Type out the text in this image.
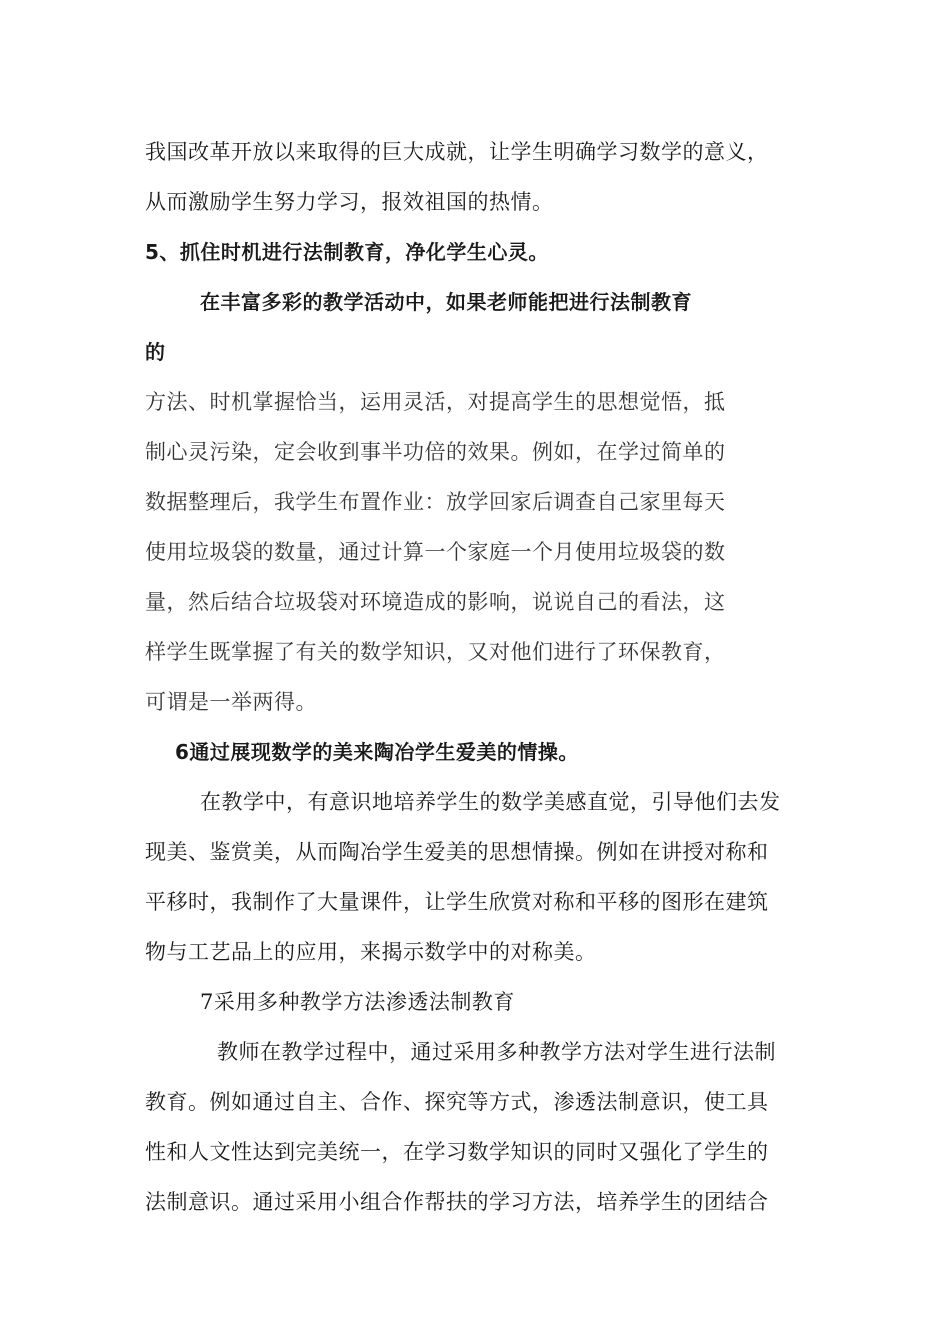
我国改革开放以来取得的巨大成就，让学生明确学习数学的意义，
从而激励学生努力学习，报效祖国的热情。
5、抓住时机进行法制教育，净化学生心灵。
在丰富多彩的教学活动中，如果老师能把进行法制教育
的
方法、时机掌握恰当，运用灵活，对提高学生的思想觉悟，抵
制心灵污染，定会收到事半功倍的效果。例如，在学过简单的
数据整理后，我学生布置作业：放学回家后调查自己家里每天
使用垃圾袋的数量，通过计算一个家庭一个月使用垃圾袋的数
量，然后结合垃圾袋对环境造成的影响，说说自己的看法，这
样学生既掌握了有关的数学知识，又对他们进行了环保教育，
可谓是一举两得。
6通过展现数学的美来陶冶学生爱美的情操。
在教学中，有意识地培养学生的数学美感直觉，引导他们去发
现美、鉴赏美，从而陶冶学生爱美的思想情操。例如在讲授对称和
平移时，我制作了大量课件，让学生欣赏对称和平移的图形在建筑
物与工艺品上的应用，来揭示数学中的对称美。
7采用多种教学方法渗透法制教育
教师在教学过程中，通过采用多种教学方法对学生进行法制
教育。例如通过自主、合作、探究等方式，渗透法制意识，使工具
性和人文性达到完美统一，在学习数学知识的同时又强化了学生的
法制意识。通过采用小组合作帮扶的学习方法，培养学生的团结合
